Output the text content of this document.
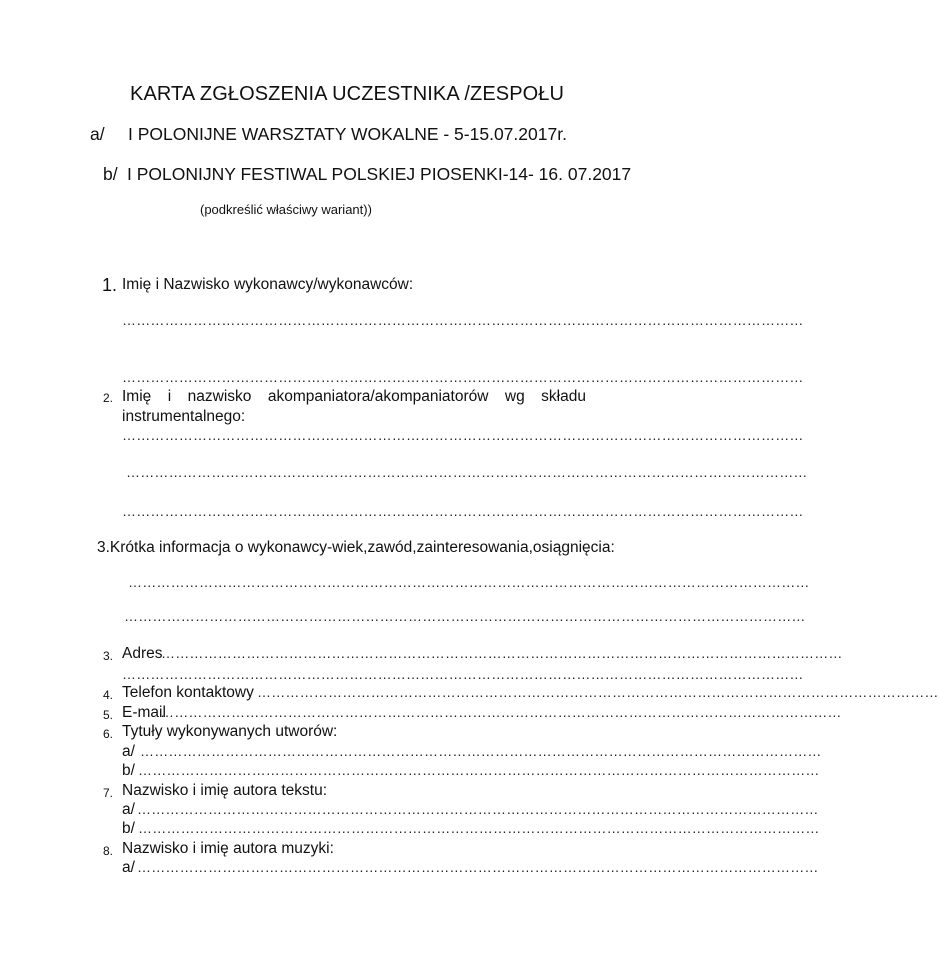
KARTA ZGŁOSZENIA UCZESTNIKA /ZESPOŁU
a/ I POLONIJNE WARSZTATY WOKALNE - 5-15.07.2017r.
b/ I POLONIJNY FESTIWAL POLSKIEJ PIOSENKI-14- 16. 07.2017
(podkreślić właściwy wariant))
1. Imię i Nazwisko wykonawcy/wykonawców:
………………………………………………………………………………………………………………………………
………………………………………………………………………………………………………………………………
2. Imię i nazwisko akompaniatora/akompaniatorów wg składu
instrumentalnego:
………………………………………………………………………………………………………………………………
………………………………………………………………………………………………………………………………
………………………………………………………………………………………………………………………………
3.Krótka informacja o wykonawcy-wiek,zawód,zainteresowania,osiągnięcia:
………………………………………………………………………………………………………………………………
………………………………………………………………………………………………………………………………
3. Adres
………………………………………………………………………………………………………………………………
………………………………………………………………………………………………………………………………
4. Telefon kontaktowy ………………………………………………………………………………………………………………………………
5. E-mail
………………………………………………………………………………………………………………………………
6. Tytuły wykonywanych utworów:
a/ ………………………………………………………………………………………………………………………………
b/ ………………………………………………………………………………………………………………………………
7. Nazwisko i imię autora tekstu:
a/ ………………………………………………………………………………………………………………………………
b/ ………………………………………………………………………………………………………………………………
8. Nazwisko i imię autora muzyki:
a/ ………………………………………………………………………………………………………………………………
